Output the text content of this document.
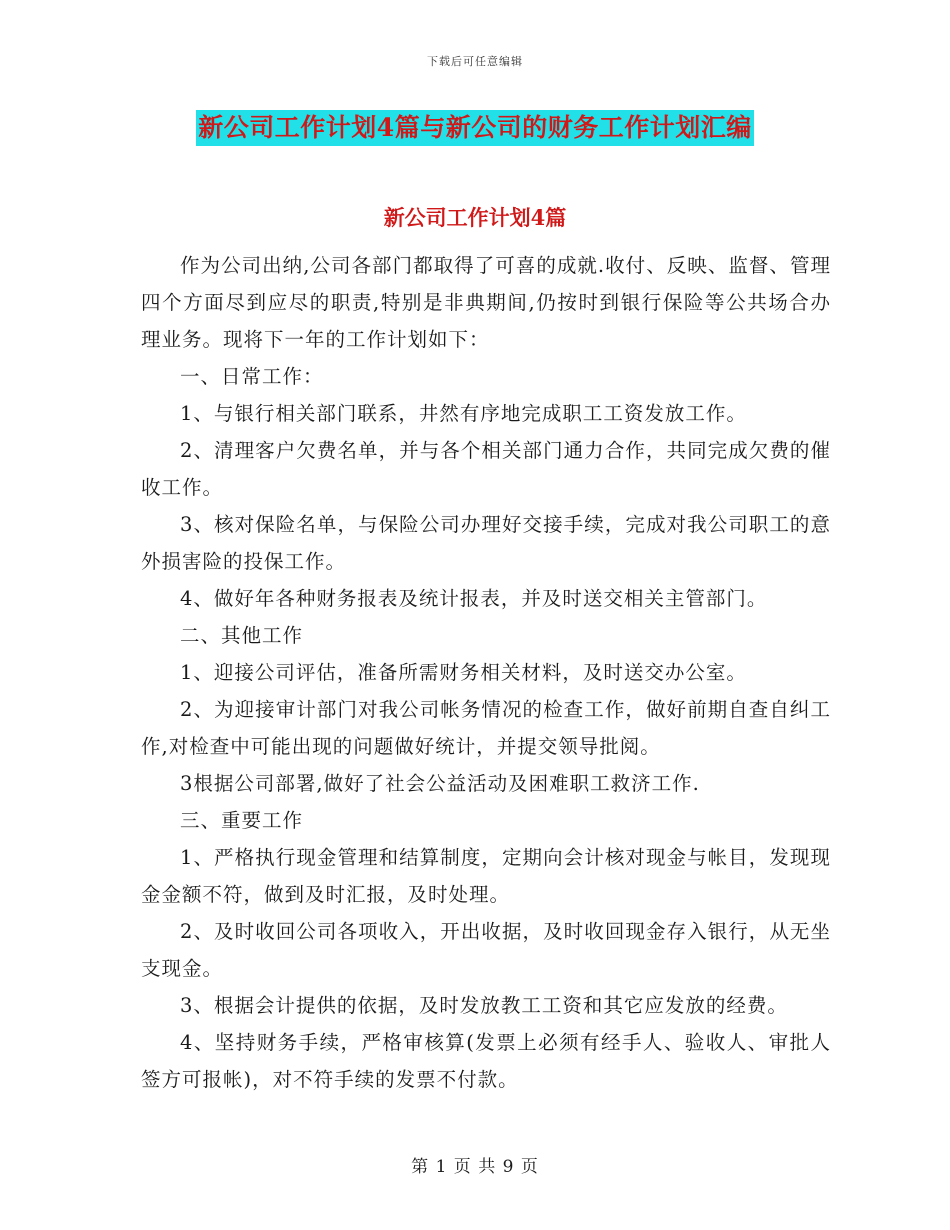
下载后可任意编辑
新公司工作计划4篇与新公司的财务工作计划汇编
新公司工作计划4篇

作为公司出纳,公司各部门都取得了可喜的成就.收付、反映、监督、管理四个方面尽到应尽的职责,特别是非典期间,仍按时到银行保险等公共场合办理业务。现将下一年的工作计划如下：

一、日常工作：

1、与银行相关部门联系，井然有序地完成职工工资发放工作。

2、清理客户欠费名单，并与各个相关部门通力合作，共同完成欠费的催收工作。

3、核对保险名单，与保险公司办理好交接手续，完成对我公司职工的意外损害险的投保工作。

4、做好年各种财务报表及统计报表，并及时送交相关主管部门。

二、其他工作

1、迎接公司评估，准备所需财务相关材料，及时送交办公室。

2、为迎接审计部门对我公司帐务情况的检查工作，做好前期自查自纠工作,对检查中可能出现的问题做好统计，并提交领导批阅。

3根据公司部署,做好了社会公益活动及困难职工救济工作.

三、重要工作

1、严格执行现金管理和结算制度，定期向会计核对现金与帐目，发现现金金额不符，做到及时汇报，及时处理。

2、及时收回公司各项收入，开出收据，及时收回现金存入银行，从无坐支现金。

3、根据会计提供的依据，及时发放教工工资和其它应发放的经费。

4、坚持财务手续，严格审核算(发票上必须有经手人、验收人、审批人签方可报帐)，对不符手续的发票不付款。

第 1 页 共 9 页
